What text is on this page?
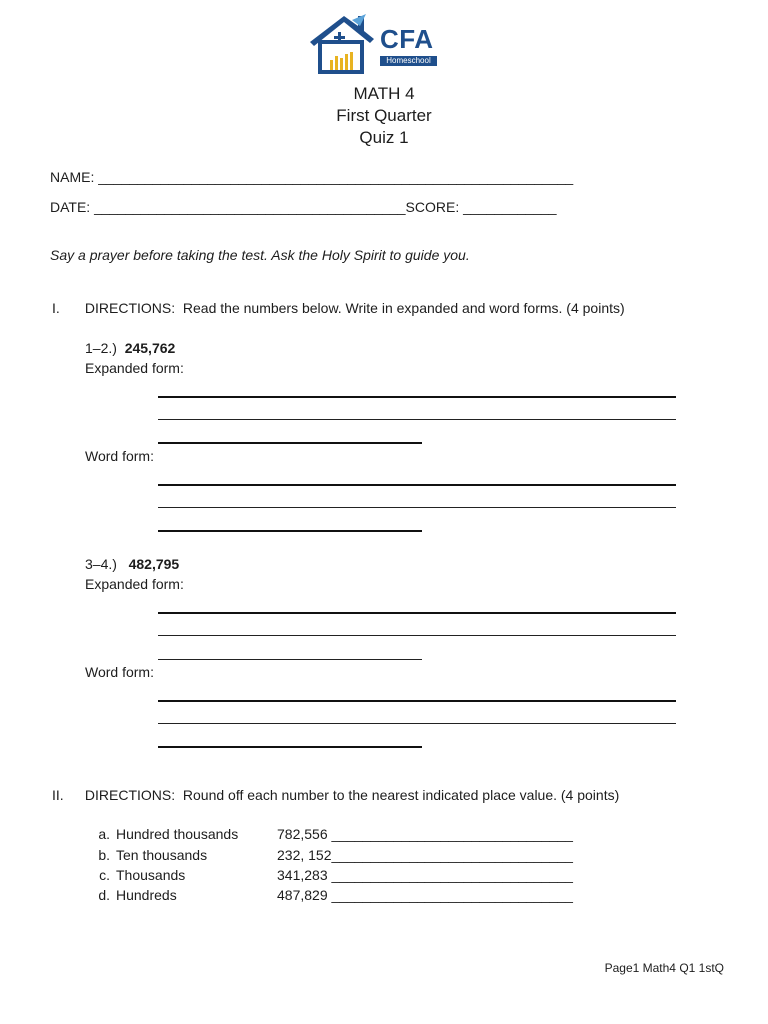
CFA
Homeschool
MATH 4
First Quarter
Quiz 1
NAME: _____________________________________________________________
DATE: ________________________________________SCORE: ____________
Say a prayer before taking the test. Ask the Holy Spirit to guide you.
I. DIRECTIONS: Read the numbers below. Write in expanded and word forms. (4 points)
1–2.) 245,762
Expanded form:
Word form:
3–4.) 482,795
Expanded form:
Word form:
II. DIRECTIONS: Round off each number to the nearest indicated place value. (4 points)
a. Hundred thousands	782,556 _______________________________
b. Ten thousands	232, 152_______________________________
c. Thousands	341,283 _______________________________
d. Hundreds	487,829 _______________________________
Page1 Math4 Q1 1stQ
